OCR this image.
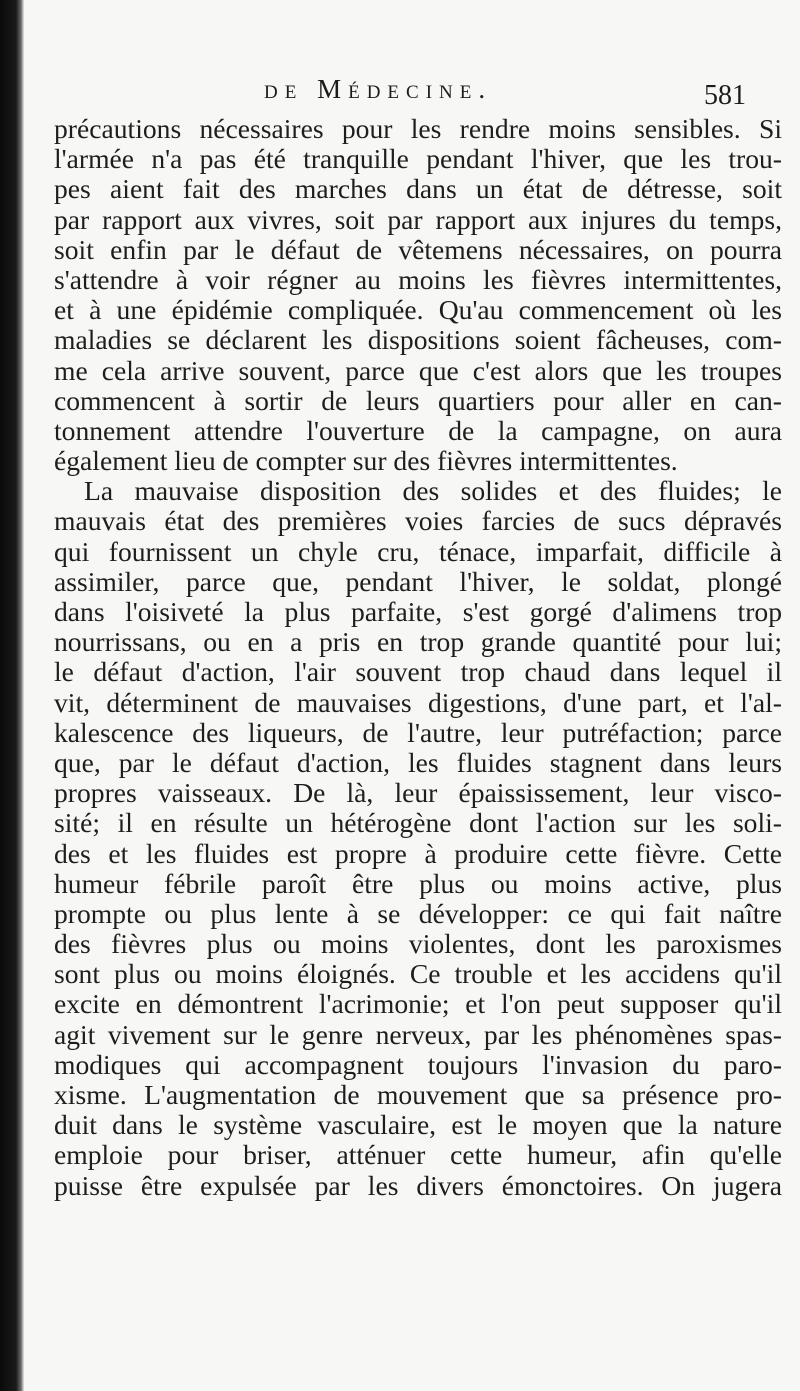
de Médecine.	581
précautions nécessaires pour les rendre moins sensibles. Si
l'armée n'a pas été tranquille pendant l'hiver, que les trou-
pes aient fait des marches dans un état de détresse, soit
par rapport aux vivres, soit par rapport aux injures du temps,
soit enfin par le défaut de vêtemens nécessaires, on pourra
s'attendre à voir régner au moins les fièvres intermittentes,
et à une épidémie compliquée. Qu'au commencement où les
maladies se déclarent les dispositions soient fâcheuses, com-
me cela arrive souvent, parce que c'est alors que les troupes
commencent à sortir de leurs quartiers pour aller en can-
tonnement attendre l'ouverture de la campagne, on aura
également lieu de compter sur des fièvres intermittentes.
La mauvaise disposition des solides et des fluides; le
mauvais état des premières voies farcies de sucs dépravés
qui fournissent un chyle cru, ténace, imparfait, difficile à
assimiler, parce que, pendant l'hiver, le soldat, plongé
dans l'oisiveté la plus parfaite, s'est gorgé d'alimens trop
nourrissans, ou en a pris en trop grande quantité pour lui;
le défaut d'action, l'air souvent trop chaud dans lequel il
vit, déterminent de mauvaises digestions, d'une part, et l'al-
kalescence des liqueurs, de l'autre, leur putréfaction; parce
que, par le défaut d'action, les fluides stagnent dans leurs
propres vaisseaux. De là, leur épaississement, leur visco-
sité; il en résulte un hétérogène dont l'action sur les soli-
des et les fluides est propre à produire cette fièvre. Cette
humeur fébrile paroît être plus ou moins active, plus
prompte ou plus lente à se développer: ce qui fait naître
des fièvres plus ou moins violentes, dont les paroxismes
sont plus ou moins éloignés. Ce trouble et les accidens qu'il
excite en démontrent l'acrimonie; et l'on peut supposer qu'il
agit vivement sur le genre nerveux, par les phénomènes spas-
modiques qui accompagnent toujours l'invasion du paro-
xisme. L'augmentation de mouvement que sa présence pro-
duit dans le système vasculaire, est le moyen que la nature
emploie pour briser, atténuer cette humeur, afin qu'elle
puisse être expulsée par les divers émonctoires. On jugera
